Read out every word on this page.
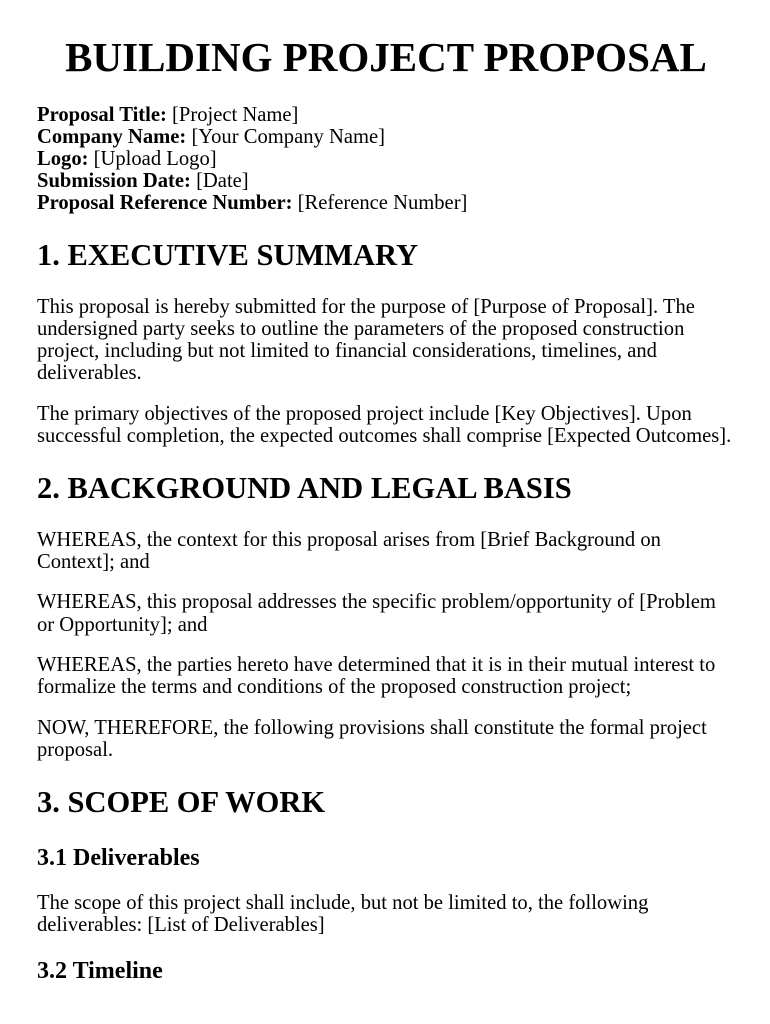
BUILDING PROJECT PROPOSAL
Proposal Title: [Project Name]
Company Name: [Your Company Name]
Logo: [Upload Logo]
Submission Date: [Date]
Proposal Reference Number: [Reference Number]
1. EXECUTIVE SUMMARY

This proposal is hereby submitted for the purpose of [Purpose of Proposal]. The undersigned party seeks to outline the parameters of the proposed construction project, including but not limited to financial considerations, timelines, and deliverables.

The primary objectives of the proposed project include [Key Objectives]. Upon successful completion, the expected outcomes shall comprise [Expected Outcomes].

2. BACKGROUND AND LEGAL BASIS

WHEREAS, the context for this proposal arises from [Brief Background on Context]; and

WHEREAS, this proposal addresses the specific problem/opportunity of [Problem or Opportunity]; and

WHEREAS, the parties hereto have determined that it is in their mutual interest to formalize the terms and conditions of the proposed construction project;

NOW, THEREFORE, the following provisions shall constitute the formal project proposal.

3. SCOPE OF WORK
3.1 Deliverables

The scope of this project shall include, but not be limited to, the following deliverables: [List of Deliverables]

3.2 Timeline
